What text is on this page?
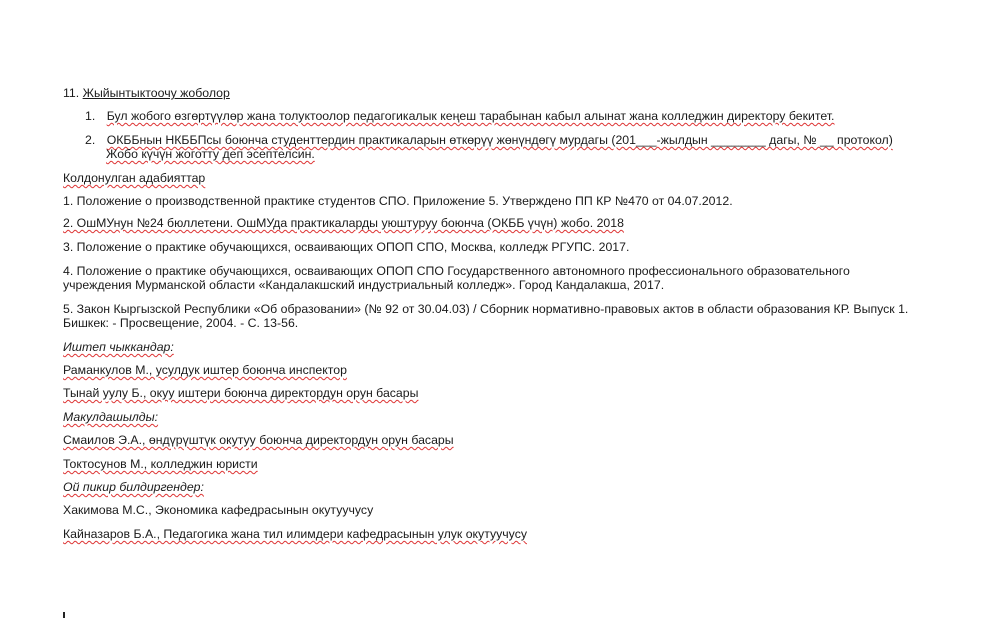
11. Жыйынтыктоочу жоболор
1. Бул жобого өзгөртүүлөр жана толуктоолор педагогикалык кеңеш тарабынан кабыл алынат жана колледжин директору бекитет.
2. ОКББнын НКББПсы боюнча студенттердин практикаларын өткөрүү жөнүндөгү мурдагы (201___-жылдын ________ дагы, № __ протокол)
Жобо күчүн жоготту деп эсептелсин.
Колдонулган адабияттар
1. Положение о производственной практике студентов СПО. Приложение 5. Утверждено ПП КР №470 от 04.07.2012.
2. ОшМУнун №24 бюллетени. ОшМУда практикаларды уюштуруу боюнча (ОКББ үчүн) жобо. 2018
3. Положение о практике обучающихся, осваивающих ОПОП СПО, Москва, колледж РГУПС. 2017.
4. Положение о практике обучающихся, осваивающих ОПОП СПО Государственного автономного профессионального образовательного
учреждения Мурманской области «Кандалакшский индустриальный колледж». Город Кандалакша, 2017.
5. Закон Кыргызской Республики «Об образовании» (№ 92 от 30.04.03) / Сборник нормативно-правовых актов в области образования КР. Выпуск 1.
Бишкек: - Просвещение, 2004. - С. 13-56.
Иштеп чыккандар:
Раманкулов М., усулдук иштер боюнча инспектор
Тынай уулу Б., окуу иштери боюнча директордун орун басары
Макулдашылды:
Смаилов Э.А., өндүрүштүк окутуу боюнча директордун орун басары
Токтосунов М., колледжин юристи
Ой пикир билдиргендер:
Хакимова М.С., Экономика кафедрасынын окутуучусу
Кайназаров Б.А., Педагогика жана тил илимдери кафедрасынын улук окутуучусу
